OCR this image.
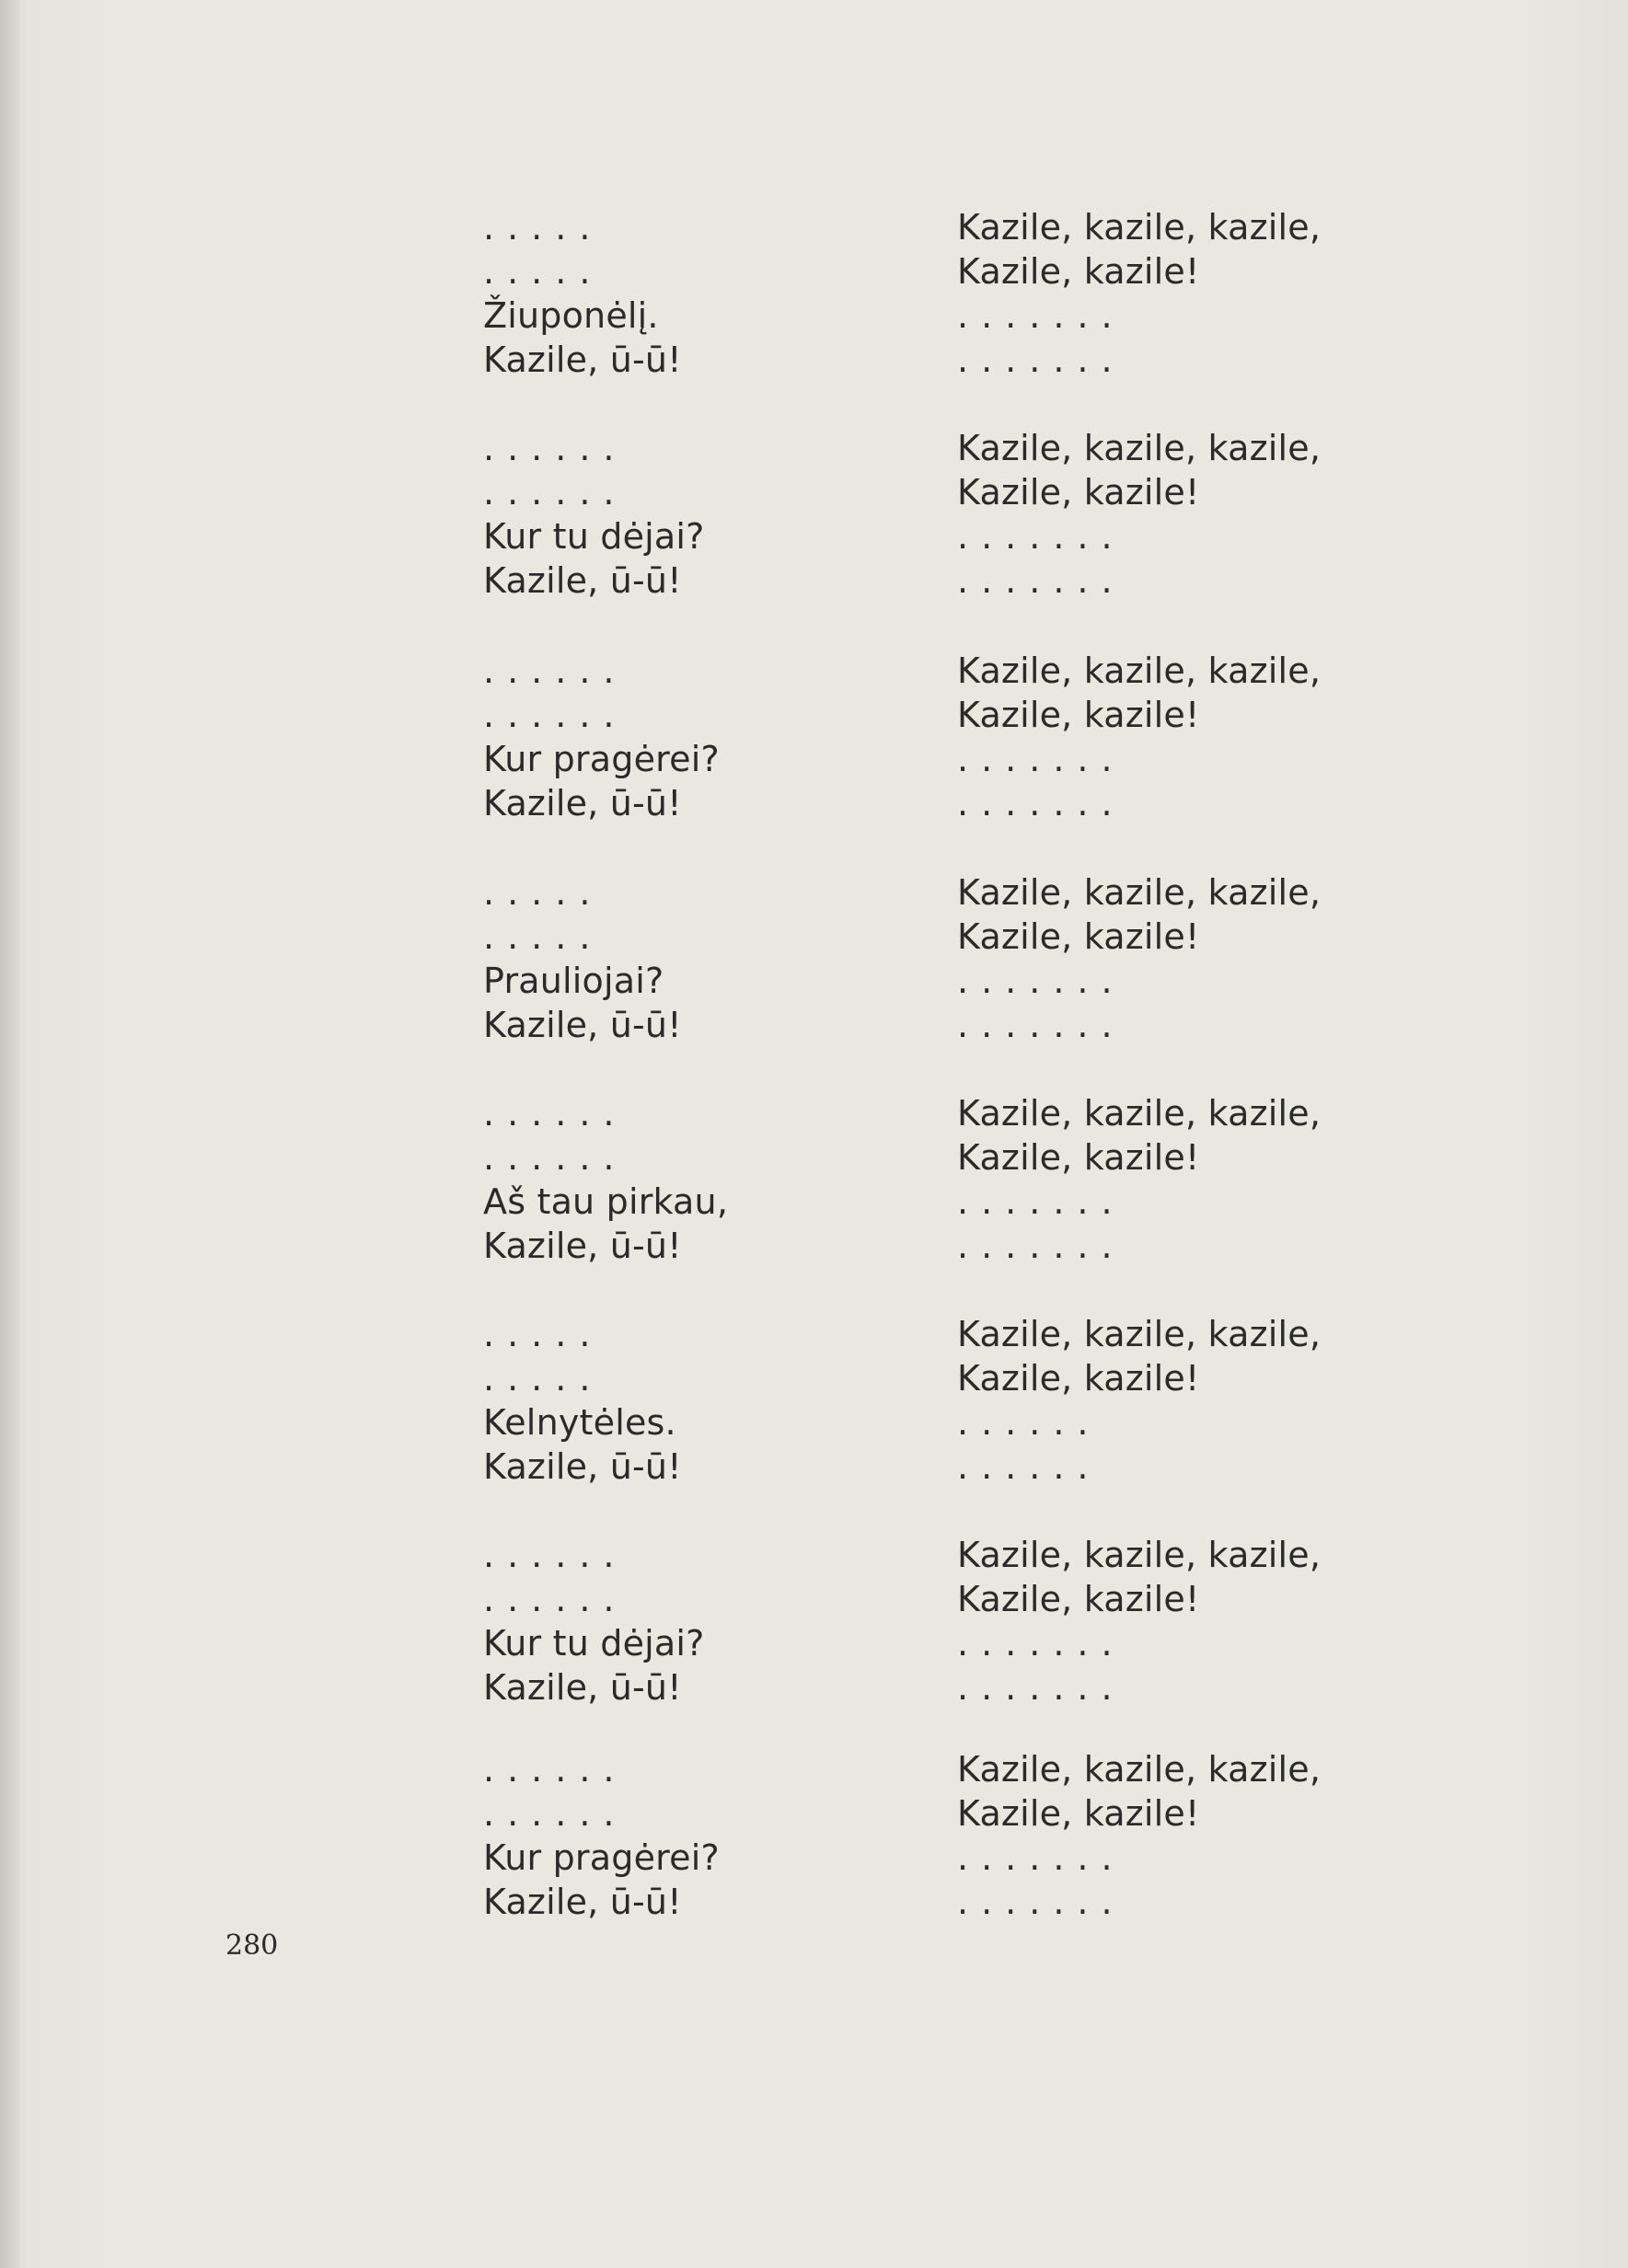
.....
.....
Žiuponėlį.
Kazile, ū-ū!
Kazile, kazile, kazile,
Kazile, kazile!
.......
.......
......
......
Kur tu dėjai?
Kazile, ū-ū!
Kazile, kazile, kazile,
Kazile, kazile!
.......
.......
......
......
Kur pragėrei?
Kazile, ū-ū!
Kazile, kazile, kazile,
Kazile, kazile!
.......
.......
.....
.....
Prauliojai?
Kazile, ū-ū!
Kazile, kazile, kazile,
Kazile, kazile!
.......
.......
......
......
Aš tau pirkau,
Kazile, ū-ū!
Kazile, kazile, kazile,
Kazile, kazile!
.......
.......
.....
.....
Kelnytėles.
Kazile, ū-ū!
Kazile, kazile, kazile,
Kazile, kazile!
......
......
......
......
Kur tu dėjai?
Kazile, ū-ū!
Kazile, kazile, kazile,
Kazile, kazile!
.......
.......
......
......
Kur pragėrei?
Kazile, ū-ū!
Kazile, kazile, kazile,
Kazile, kazile!
.......
.......
280
